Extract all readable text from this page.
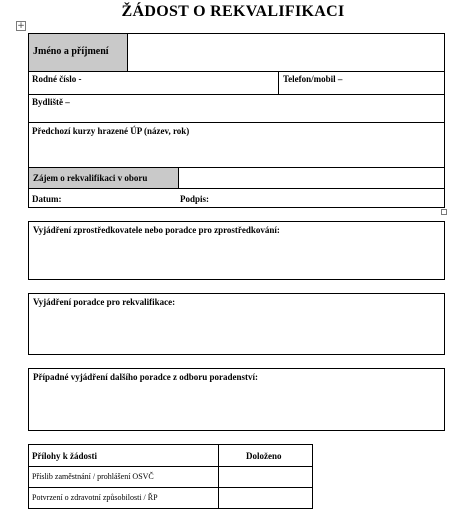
ŽÁDOST O REKVALIFIKACI
+
Jméno a příjmení
Rodné číslo -	Telefon/mobil –
Bydliště –
Předchozí kurzy hrazené ÚP (název, rok)
Zájem o rekvalifikaci v oboru
Datum:	Podpis:
Vyjádření zprostředkovatele nebo poradce pro zprostředkování:
Vyjádření poradce pro rekvalifikace:
Případné vyjádření dalšího poradce z odboru poradenství:
Přílohy k žádosti	Doloženo
Příslib zaměstnání / prohlášení OSVČ
Potvrzení o zdravotní způsobilosti / ŘP
